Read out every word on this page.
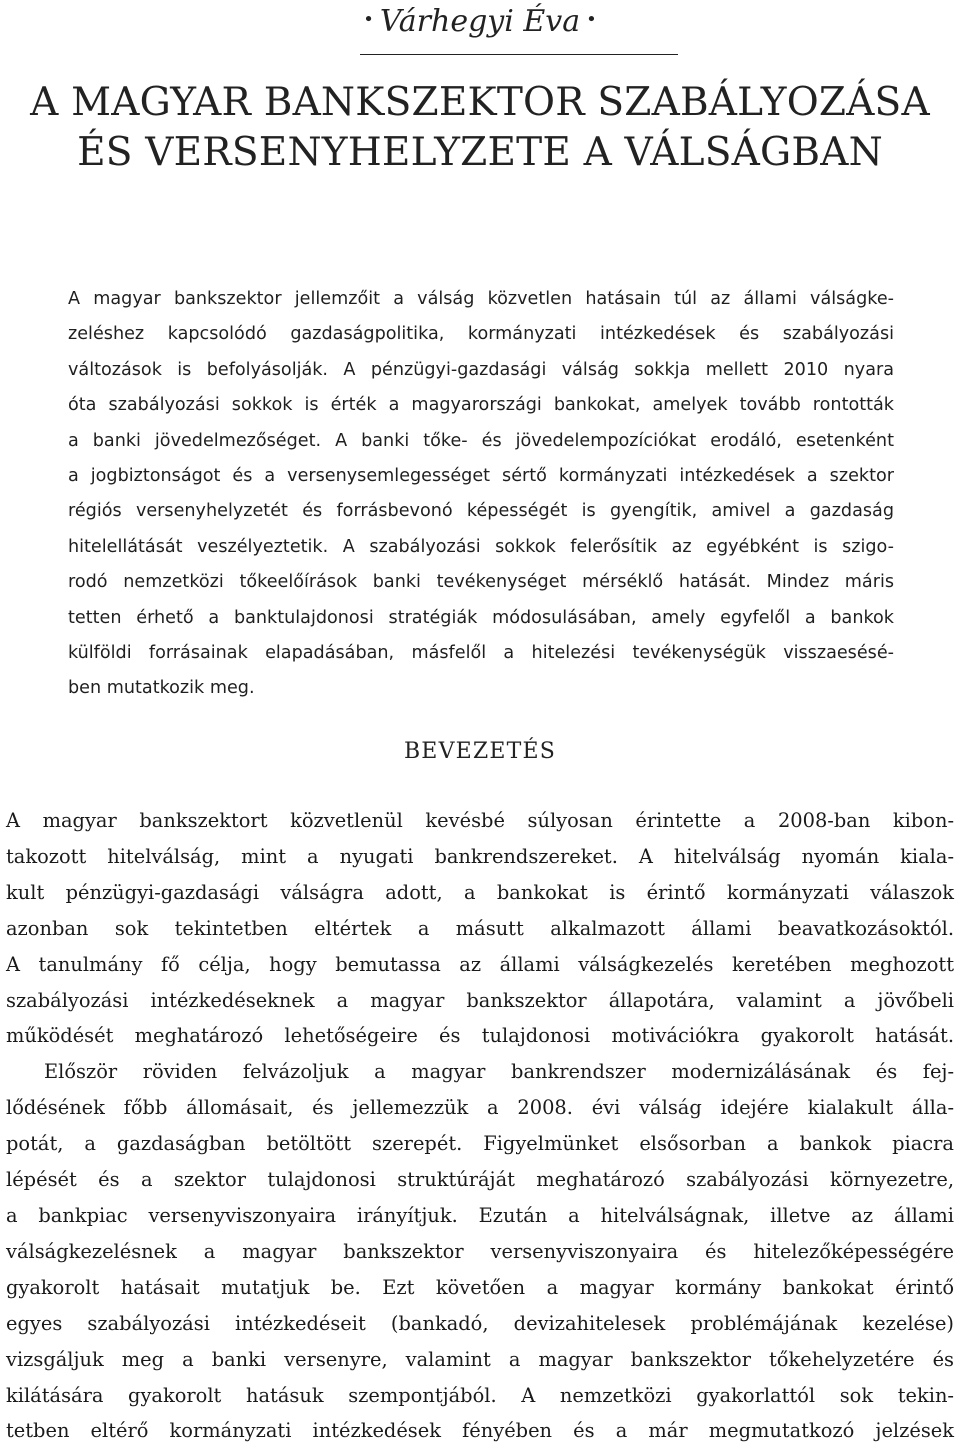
• Várhegyi Éva •
A MAGYAR BANKSZEKTOR SZABÁLYOZÁSA
ÉS VERSENYHELYZETE A VÁLSÁGBAN
A magyar bankszektor jellemzőit a válság közvetlen hatásain túl az állami válságke-
zeléshez kapcsolódó gazdaságpolitika, kormányzati intézkedések és szabályozási
változások is befolyásolják. A pénzügyi-gazdasági válság sokkja mellett 2010 nyara
óta szabályozási sokkok is érték a magyarországi bankokat, amelyek tovább rontották
a banki jövedelmezőséget. A banki tőke- és jövedelempozíciókat erodáló, esetenként
a jogbiztonságot és a versenysemlegességet sértő kormányzati intézkedések a szektor
régiós versenyhelyzetét és forrásbevonó képességét is gyengítik, amivel a gazdaság
hitelellátását veszélyeztetik. A szabályozási sokkok felerősítik az egyébként is szigo-
rodó nemzetközi tőkeelőírások banki tevékenységet mérséklő hatását. Mindez máris
tetten érhető a banktulajdonosi stratégiák módosulásában, amely egyfelől a bankok
külföldi forrásainak elapadásában, másfelől a hitelezési tevékenységük visszaesésé-
ben mutatkozik meg.
BEVEZETÉS
A magyar bankszektort közvetlenül kevésbé súlyosan érintette a 2008-ban kibon-
takozott hitelválság, mint a nyugati bankrendszereket. A hitelválság nyomán kiala-
kult pénzügyi-gazdasági válságra adott, a bankokat is érintő kormányzati válaszok
azonban sok tekintetben eltértek a másutt alkalmazott állami beavatkozásoktól.
A tanulmány fő célja, hogy bemutassa az állami válságkezelés keretében meghozott
szabályozási intézkedéseknek a magyar bankszektor állapotára, valamint a jövőbeli
működését meghatározó lehetőségeire és tulajdonosi motivációkra gyakorolt hatását.
Először röviden felvázoljuk a magyar bankrendszer modernizálásának és fej-
lődésének főbb állomásait, és jellemezzük a 2008. évi válság idejére kialakult álla-
potát, a gazdaságban betöltött szerepét. Figyelmünket elsősorban a bankok piacra
lépését és a szektor tulajdonosi struktúráját meghatározó szabályozási környezetre,
a bankpiac versenyviszonyaira irányítjuk. Ezután a hitelválságnak, illetve az állami
válságkezelésnek a magyar bankszektor versenyviszonyaira és hitelezőképességére
gyakorolt hatásait mutatjuk be. Ezt követően a magyar kormány bankokat érintő
egyes szabályozási intézkedéseit (bankadó, devizahitelesek problémájának kezelése)
vizsgáljuk meg a banki versenyre, valamint a magyar bankszektor tőkehelyzetére és
kilátására gyakorolt hatásuk szempontjából. A nemzetközi gyakorlattól sok tekin-
tetben eltérő kormányzati intézkedések fényében és a már megmutatkozó jelzések
